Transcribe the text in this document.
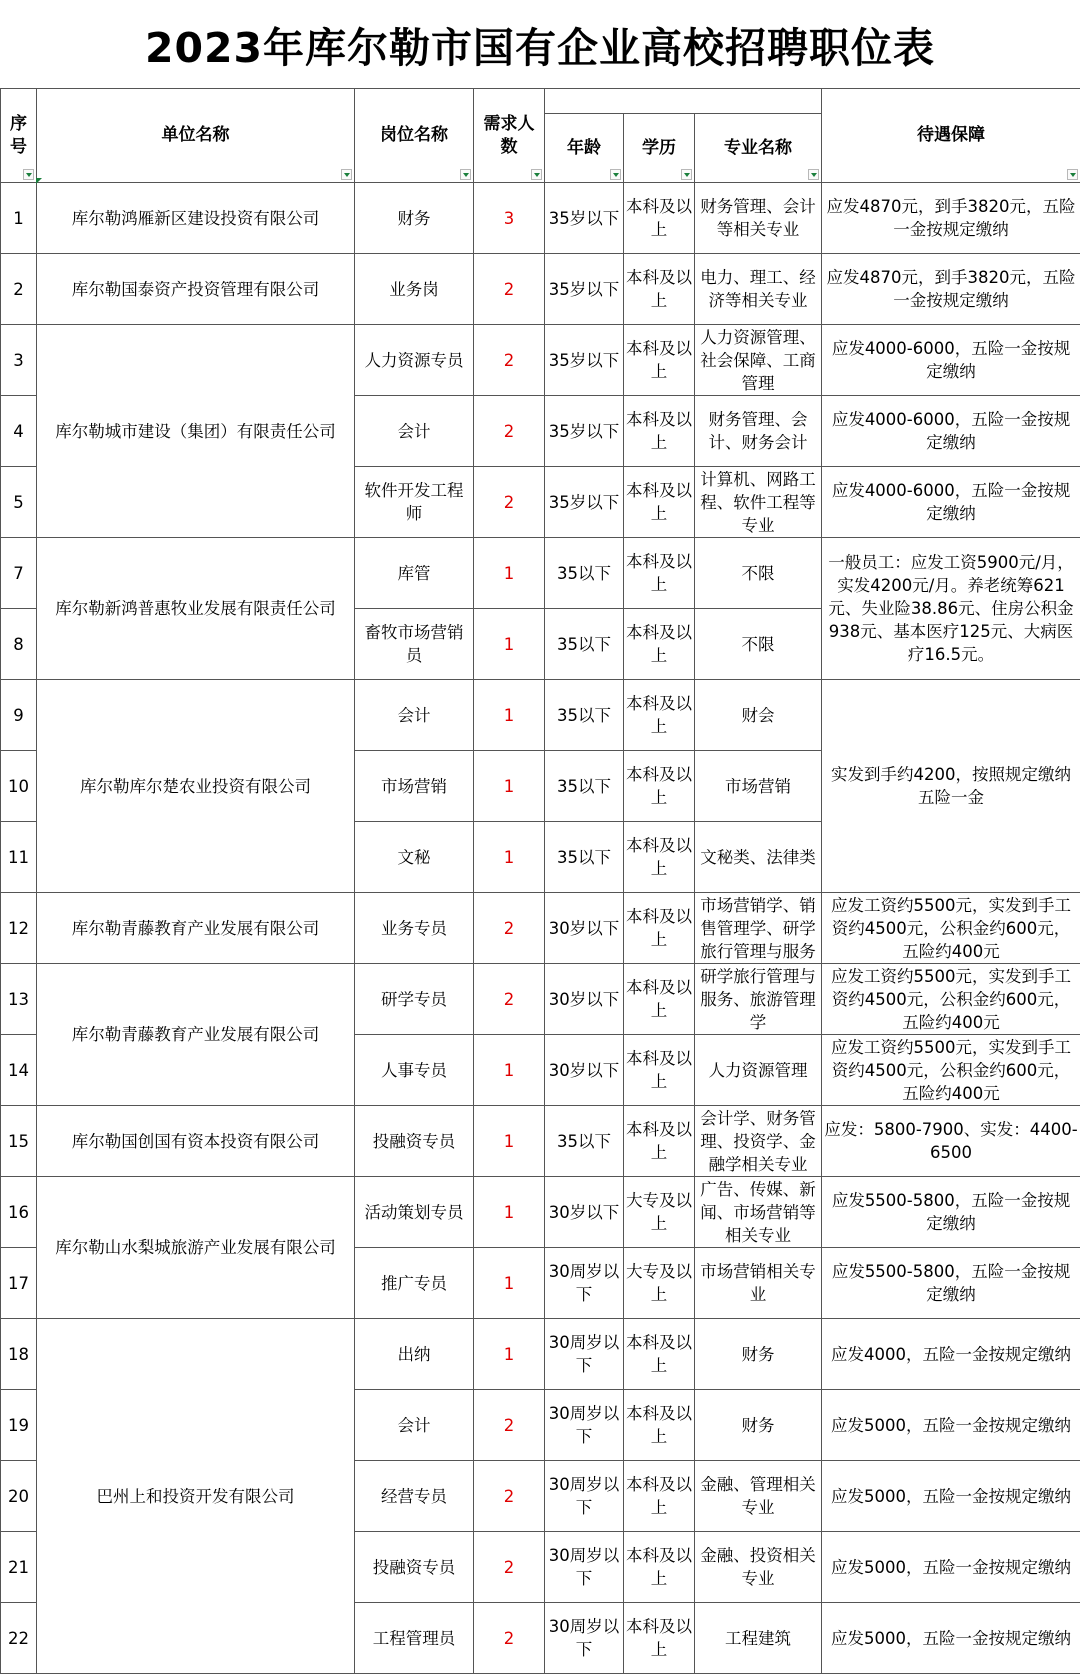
2023年库尔勒市国有企业高校招聘职位表
序号	单位名称	岗位名称	需求人数				待遇保障

				年龄	学历	专业名称	

1	库尔勒鸿雁新区建设投资有限公司	财务	3	35岁以下	本科及以上	财务管理、会计等相关专业	应发4870元，到手3820元，五险一金按规定缴纳
2	库尔勒国泰资产投资管理有限公司	业务岗	2	35岁以下	本科及以上	电力、理工、经济等相关专业	应发4870元，到手3820元，五险一金按规定缴纳
3	库尔勒城市建设（集团）有限责任公司	人力资源专员	2	35岁以下	本科及以上	人力资源管理、社会保障、工商管理	应发4000-6000，五险一金按规定缴纳
4		会计	2	35岁以下	本科及以上	财务管理、会计、财务会计	应发4000-6000，五险一金按规定缴纳
5		软件开发工程师	2	35岁以下	本科及以上	计算机、网路工程、软件工程等专业	应发4000-6000，五险一金按规定缴纳
7	库尔勒新鸿普惠牧业发展有限责任公司	库管	1	35以下	本科及以上	不限	一般员工：应发工资5900元/月，实发4200元/月。养老统筹621元、失业险38.86元、住房公积金938元、基本医疗125元、大病医疗16.5元。
8		畜牧市场营销员	1	35以下	本科及以上	不限	
9	库尔勒库尔楚农业投资有限公司	会计	1	35以下	本科及以上	财会	实发到手约4200，按照规定缴纳五险一金
10		市场营销	1	35以下	本科及以上	市场营销	
11		文秘	1	35以下	本科及以上	文秘类、法律类	
12	库尔勒青藤教育产业发展有限公司	业务专员	2	30岁以下	本科及以上	市场营销学、销售管理学、研学旅行管理与服务	应发工资约5500元，实发到手工资约4500元，公积金约600元，五险约400元
13	库尔勒青藤教育产业发展有限公司	研学专员	2	30岁以下	本科及以上	研学旅行管理与服务、旅游管理学	应发工资约5500元，实发到手工资约4500元，公积金约600元，五险约400元
14		人事专员	1	30岁以下	本科及以上	人力资源管理	应发工资约5500元，实发到手工资约4500元，公积金约600元，五险约400元
15	库尔勒国创国有资本投资有限公司	投融资专员	1	35以下	本科及以上	会计学、财务管理、投资学、金融学相关专业	应发：5800-7900、实发：4400-6500
16	库尔勒山水梨城旅游产业发展有限公司	活动策划专员	1	30岁以下	大专及以上	广告、传媒、新闻、市场营销等相关专业	应发5500-5800，五险一金按规定缴纳
17		推广专员	1	30周岁以下	大专及以上	市场营销相关专业	应发5500-5800，五险一金按规定缴纳
18	巴州上和投资开发有限公司	出纳	1	30周岁以下	本科及以上	财务	应发4000，五险一金按规定缴纳
19		会计	2	30周岁以下	本科及以上	财务	应发5000，五险一金按规定缴纳
20		经营专员	2	30周岁以下	本科及以上	金融、管理相关专业	应发5000，五险一金按规定缴纳
21		投融资专员	2	30周岁以下	本科及以上	金融、投资相关专业	应发5000，五险一金按规定缴纳
22		工程管理员	2	30周岁以下	本科及以上	工程建筑	应发5000，五险一金按规定缴纳
